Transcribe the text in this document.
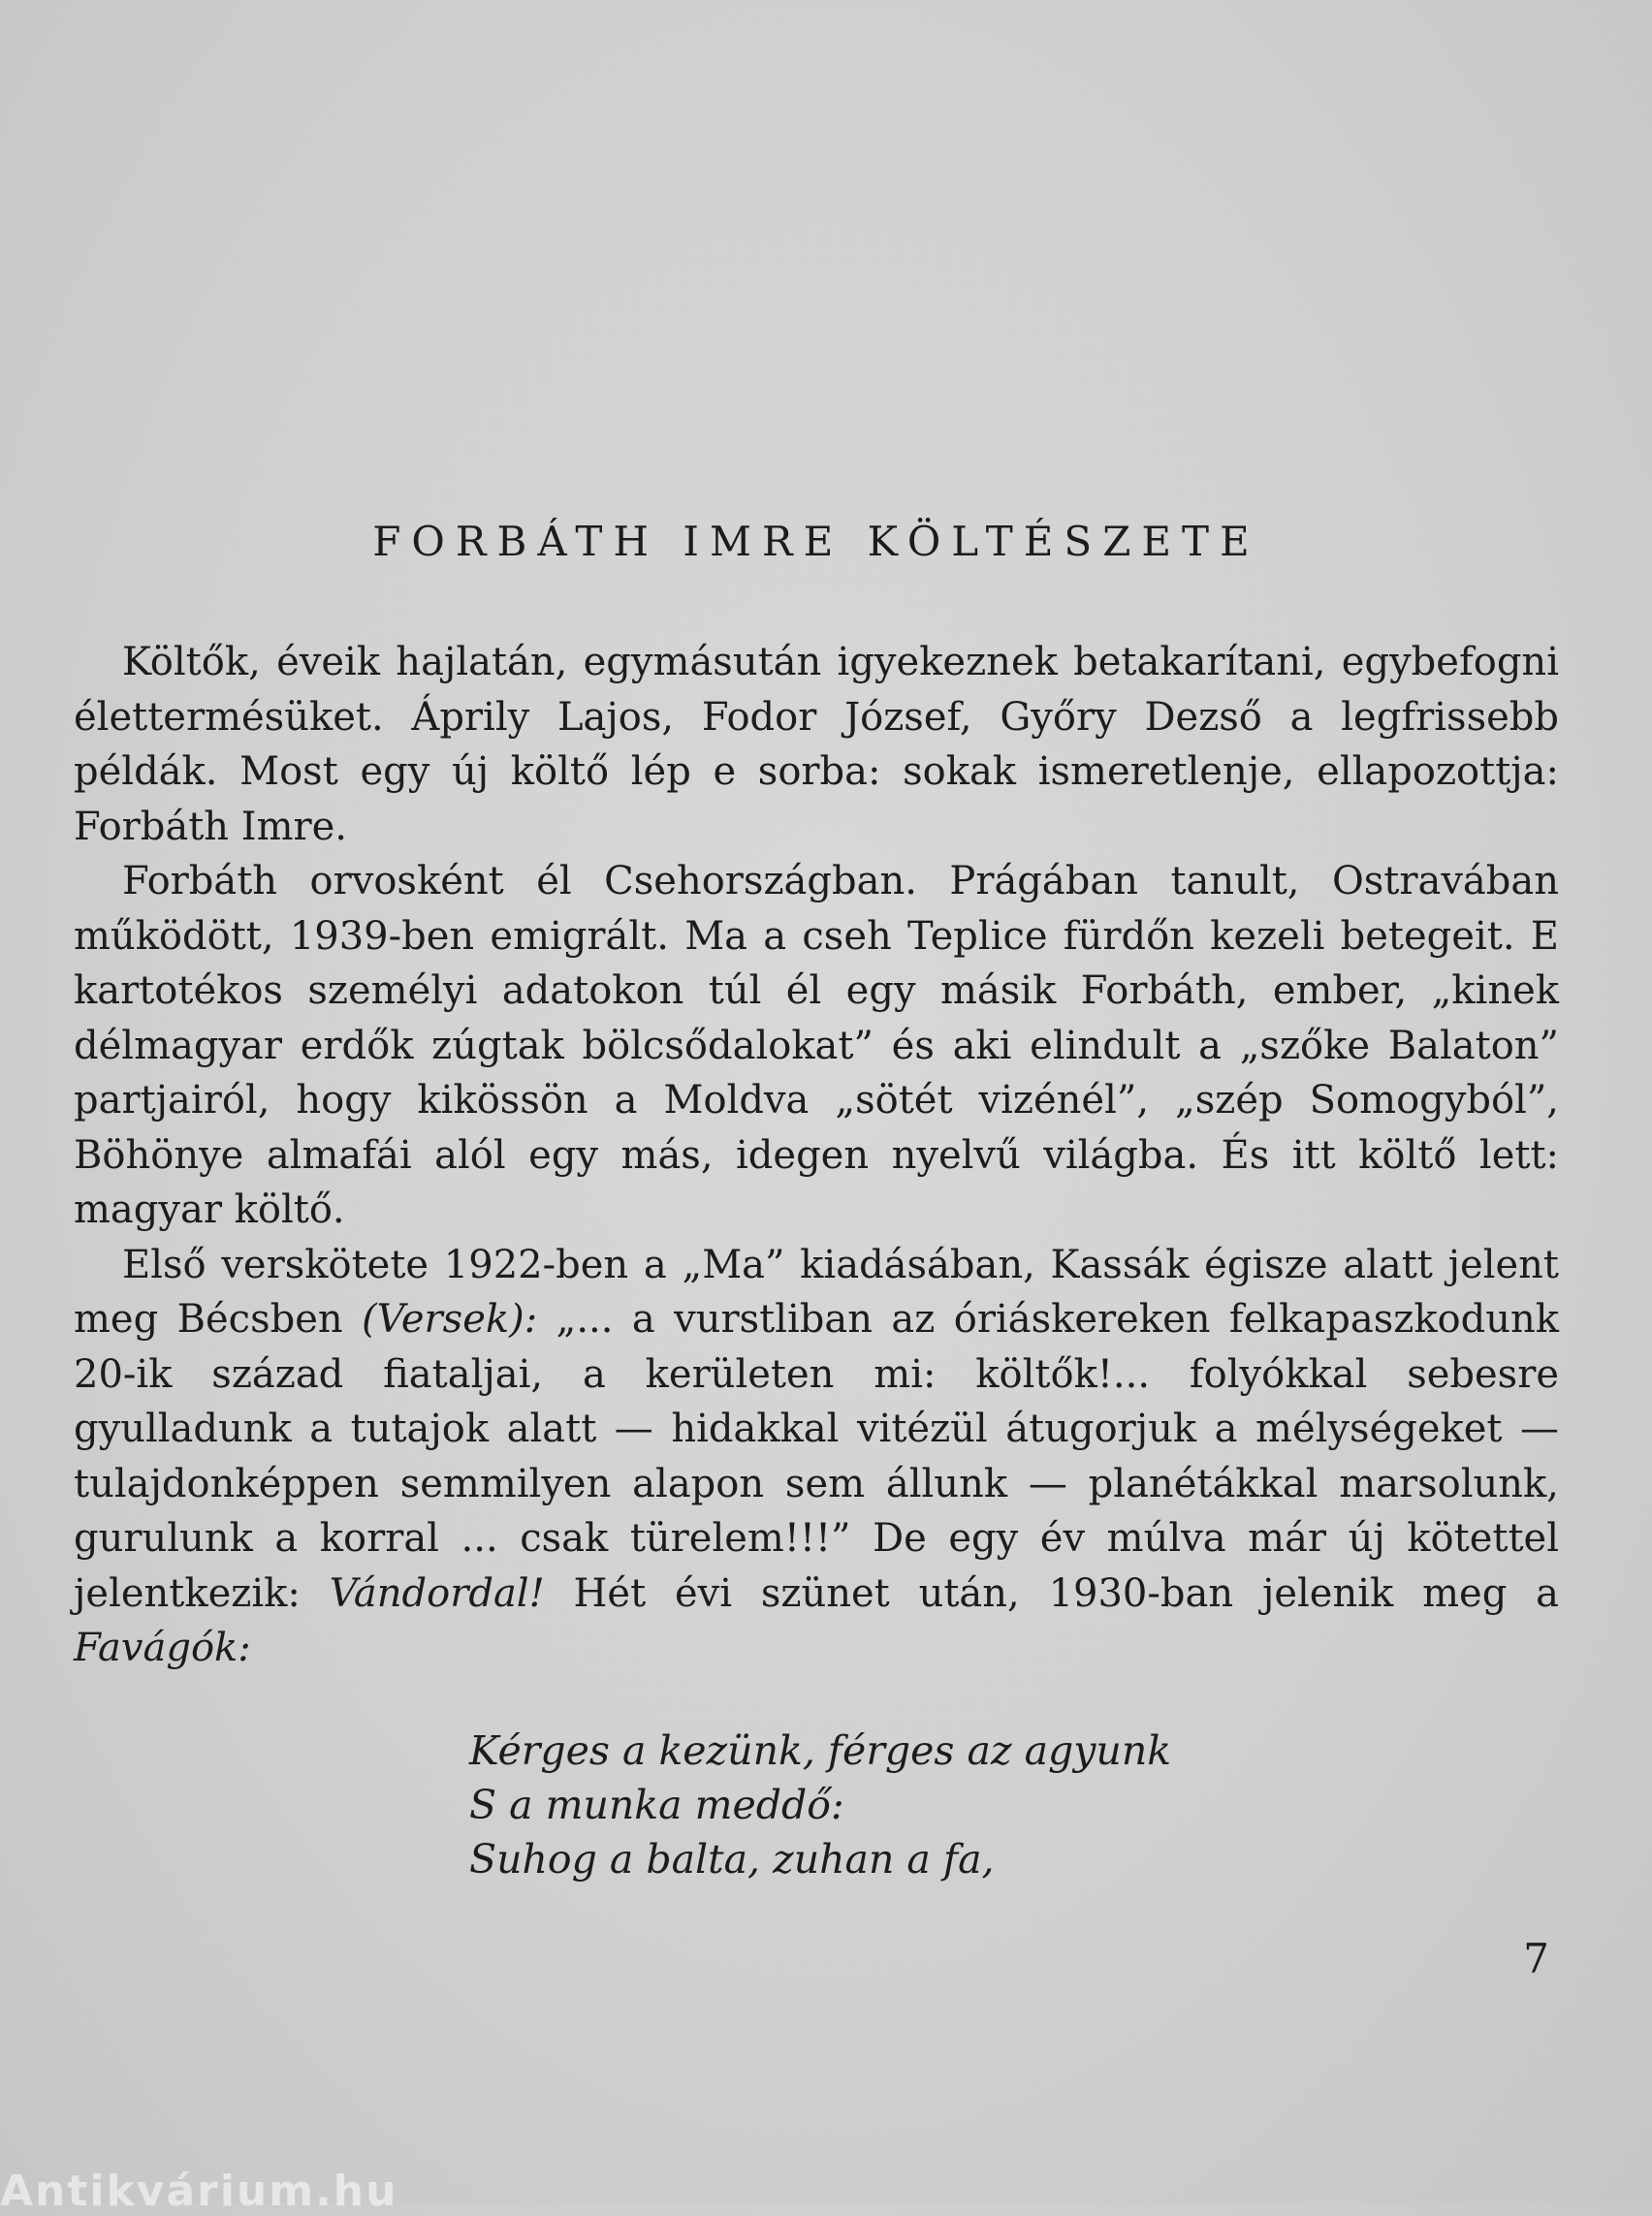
FORBÁTH IMRE KÖLTÉSZETE

Költők, éveik hajlatán, egymásután igyekeznek betakarítani, egybefogni élettermésüket. Áprily Lajos, Fodor József, Győry Dezső a legfrissebb példák. Most egy új költő lép e sorba: sokak ismeretlenje, ellapozottja: Forbáth Imre.

Forbáth orvosként él Csehországban. Prágában tanult, Ostravában működött, 1939-ben emigrált. Ma a cseh Teplice fürdőn kezeli betegeit. E kartotékos személyi adatokon túl él egy másik Forbáth, ember, „kinek délmagyar erdők zúgtak bölcsődalokat” és aki elindult a „szőke Balaton” partjairól, hogy kikössön a Moldva „sötét vizénél”, „szép Somogyból”, Böhönye almafái alól egy más, idegen nyelvű világba. És itt költő lett: magyar költő.

Első verskötete 1922-ben a „Ma” kiadásában, Kassák égisze alatt jelent meg Bécsben (Versek): „... a vurstliban az óriáskereken felkapaszkodunk 20-ik század fiataljai, a kerületen mi: költők!... folyókkal sebesre gyulladunk a tutajok alatt — hidakkal vitézül átugorjuk a mélységeket — tulajdonképpen semmilyen alapon sem állunk — planétákkal marsolunk, gurulunk a korral ... csak türelem!!!” De egy év múlva már új kötettel jelentkezik: Vándordal! Hét évi szünet után, 1930-ban jelenik meg a Favágók:

Kérges a kezünk, férges az agyunk
S a munka meddő:
Suhog a balta, zuhan a fa,
7
Antikvárium.hu
